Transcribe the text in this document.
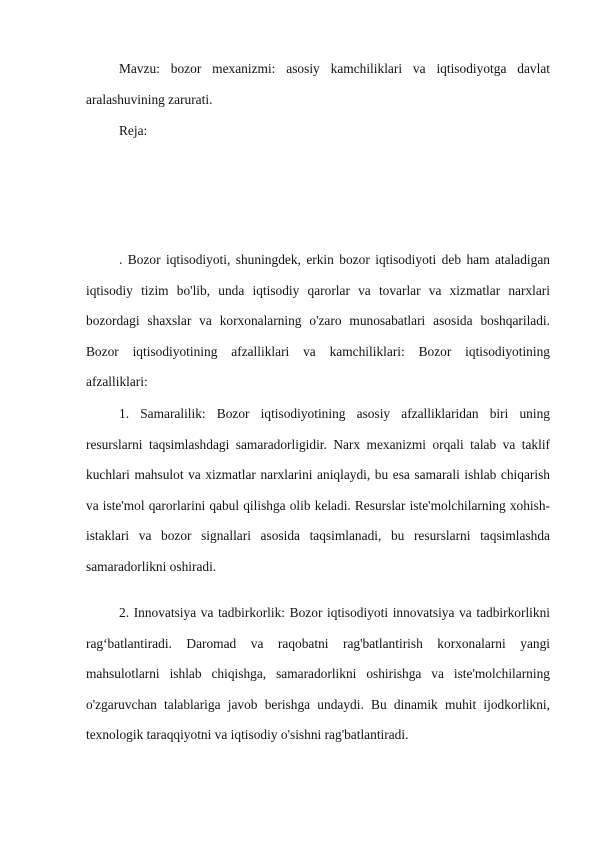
Mavzu: bozor mexanizmi: asosiy kamchiliklari va iqtisodiyotga davlat aralashuvining zarurati.

Reja:

. Bozor iqtisodiyoti, shuningdek, erkin bozor iqtisodiyoti deb ham ataladigan iqtisodiy tizim bo'lib, unda iqtisodiy qarorlar va tovarlar va xizmatlar narxlari bozordagi shaxslar va korxonalarning o'zaro munosabatlari asosida boshqariladi. Bozor iqtisodiyotining afzalliklari va kamchiliklari: Bozor iqtisodiyotining afzalliklari:

1. Samaralilik: Bozor iqtisodiyotining asosiy afzalliklaridan biri uning resurslarni taqsimlashdagi samaradorligidir. Narx mexanizmi orqali talab va taklif kuchlari mahsulot va xizmatlar narxlarini aniqlaydi, bu esa samarali ishlab chiqarish va iste'mol qarorlarini qabul qilishga olib keladi. Resurslar iste'molchilarning xohish-istaklari va bozor signallari asosida taqsimlanadi, bu resurslarni taqsimlashda samaradorlikni oshiradi.

2. Innovatsiya va tadbirkorlik: Bozor iqtisodiyoti innovatsiya va tadbirkorlikni rag‘batlantiradi. Daromad va raqobatni rag'batlantirish korxonalarni yangi mahsulotlarni ishlab chiqishga, samaradorlikni oshirishga va iste'molchilarning o'zgaruvchan talablariga javob berishga undaydi. Bu dinamik muhit ijodkorlikni, texnologik taraqqiyotni va iqtisodiy o'sishni rag'batlantiradi.
